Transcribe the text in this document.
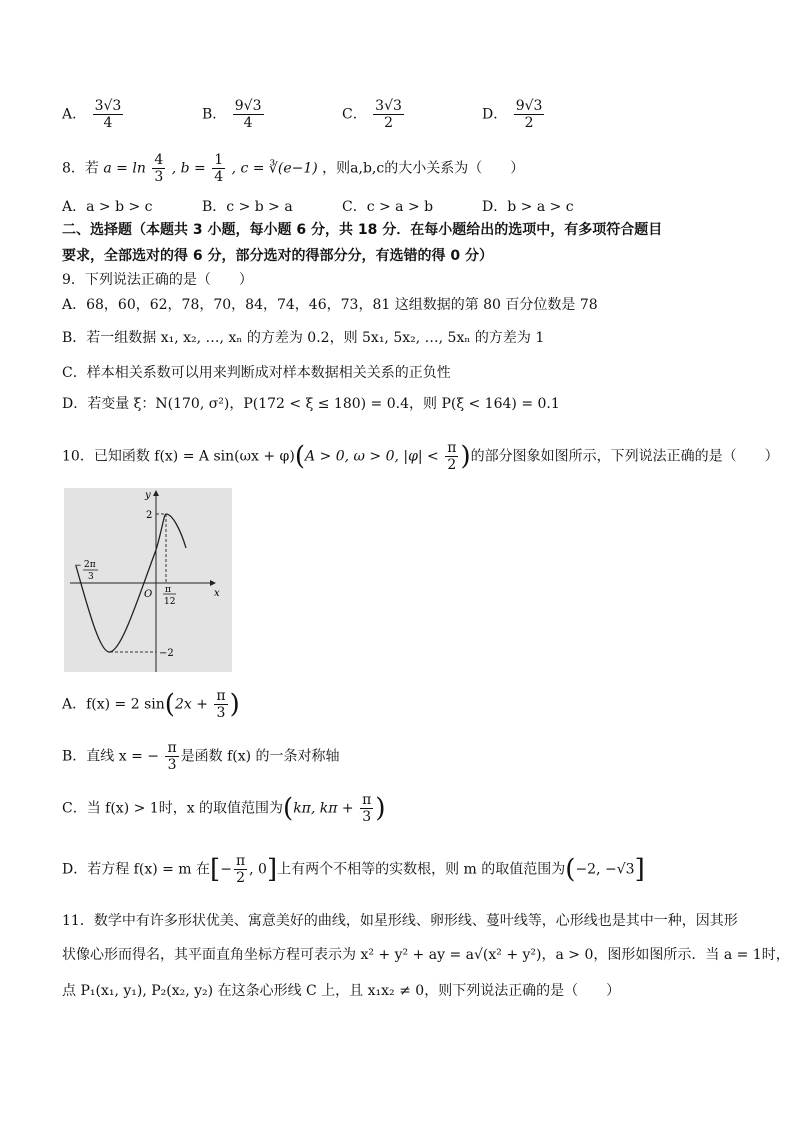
A． $\frac{3√3}{4}$	B． $\frac{9√3}{4}$	C． $\frac{3√3}{2}$	D． $\frac{9√3}{2}$
8．若 $a = \ln \frac{4}{3}$ , $b = \frac{1}{4}$ , c = ∛(e−1) ，则a,b,c的大小关系为（　　）
A．a > b > c	B．c > b > a	C．c > a > b	D．b > a > c
二、选择题（本题共 3 小题，每小题 6 分，共 18 分．在每小题给出的选项中，有多项符合题目
要求，全部选对的得 6 分，部分选对的得部分分，有选错的得 0 分）
9．下列说法正确的是（　　）
A．68，60，62，78，70，84，74，46，73，81 这组数据的第 80 百分位数是 78
B．若一组数据 x₁, x₂, …, xₙ 的方差为 0.2，则 5x₁, 5x₂, …, 5xₙ 的方差为 1
C．样本相关系数可以用来判断成对样本数据相关关系的正负性
D．若变量 ξ：N(170, σ²)，P(172 < ξ ≤ 180) = 0.4，则 P(ξ < 164) = 0.1
10．已知函数 f(x) = A sin(ωx + φ)(A > 0, ω > 0, $|\varphi| < \frac{\pi}{2}$ )的部分图象如图所示，下列说法正确的是（　　）
y
x
O
2
−2
− 2π
3
π
12
A．f(x) = 2 $\sin(2x + \frac{\pi}{3}$ )
B．直线 x = − $\frac{\pi}{3}$ 是函数 f(x) 的一条对称轴
C．当 f(x) > 1时，x 的取值范围为(kπ, $k\pi + \frac{\pi}{3}$ )
D．若方程 f(x) = m 在[− $\frac{\pi}{2}$ , 0]上有两个不相等的实数根，则 m 的取值范围为(−2, −√3]
11．数学中有许多形状优美、寓意美好的曲线，如星形线、卵形线、蔓叶线等，心形线也是其中一种，因其形
状像心形而得名，其平面直角坐标方程可表示为 x² + y² + ay = a√(x² + y²)，a > 0，图形如图所示．当 a = 1时，
点 P₁(x₁, y₁), P₂(x₂, y₂) 在这条心形线 C 上，且 x₁x₂ ≠ 0，则下列说法正确的是（　　）
